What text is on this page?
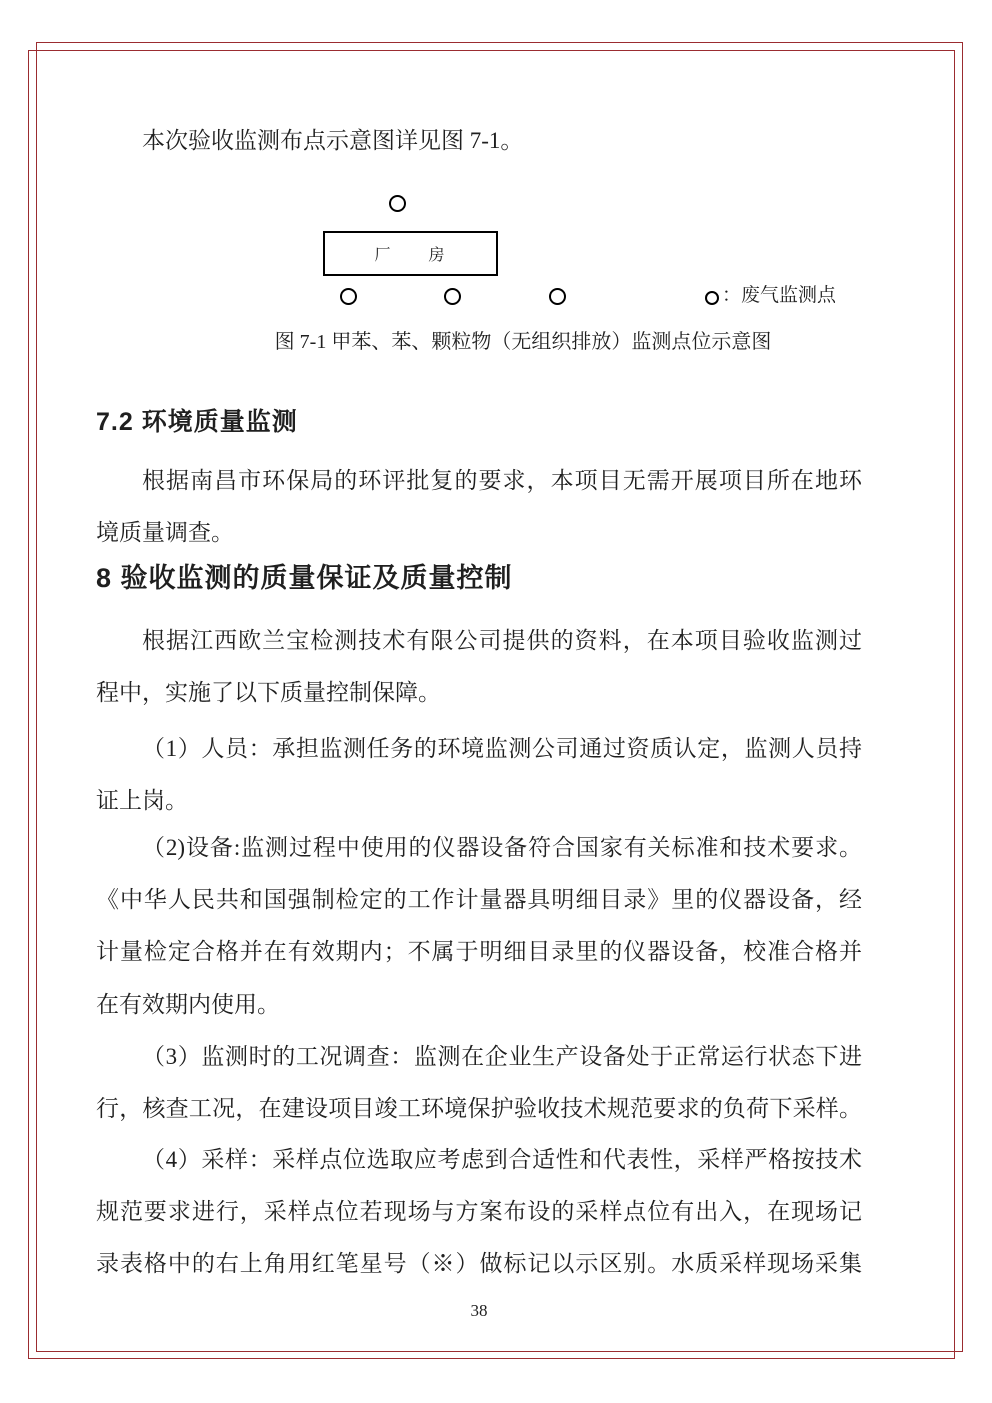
本次验收监测布点示意图详见图 7-1。
厂　　房
：废气监测点
图 7-1 甲苯、苯、颗粒物（无组织排放）监测点位示意图
7.2 环境质量监测
根据南昌市环保局的环评批复的要求，本项目无需开展项目所在地环
境质量调查。
8 验收监测的质量保证及质量控制
根据江西欧兰宝检测技术有限公司提供的资料，在本项目验收监测过
程中，实施了以下质量控制保障。
（1）人员：承担监测任务的环境监测公司通过资质认定，监测人员持
证上岗。
（2)设备:监测过程中使用的仪器设备符合国家有关标准和技术要求。
《中华人民共和国强制检定的工作计量器具明细目录》里的仪器设备，经
计量检定合格并在有效期内；不属于明细目录里的仪器设备，校准合格并
在有效期内使用。
（3）监测时的工况调查：监测在企业生产设备处于正常运行状态下进
行，核查工况，在建设项目竣工环境保护验收技术规范要求的负荷下采样。
（4）采样：采样点位选取应考虑到合适性和代表性，采样严格按技术
规范要求进行，采样点位若现场与方案布设的采样点位有出入，在现场记
录表格中的右上角用红笔星号（※）做标记以示区别。水质采样现场采集
38
